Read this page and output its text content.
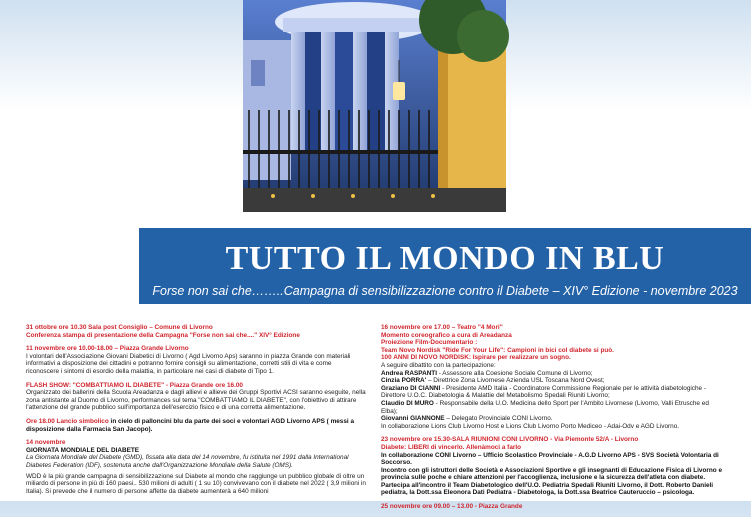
TUTTO IL MONDO IN BLU
Forse non sai che……..Campagna di sensibilizzazione contro il Diabete – XIV° Edizione - novembre 2023
31 ottobre ore 10.30 Sala post Consiglio – Comune di Livorno
Conferenza stampa di presentazione della Campagna "Forse non sai che...." XIV° Edizione
11 novembre ore 10.00-18.00 – Piazza Grande Livorno

I volontari dell'Associazione Giovani Diabetici di Livorno ( Agd Livorno Aps) saranno in piazza Grande con materiali informativi a disposizione dei cittadini e potranno fornire consigli su alimentazione, corretti stili di vita e come riconoscere i sintomi di esordio della malattia, in particolare nei casi di diabete di Tipo 1.

FLASH SHOW: "COMBATTIAMO IL DIABETE" - Piazza Grande ore 16.00

Organizzato dei ballerini della Scuola Areadanza e dagli allievi e allieve dei Gruppi Sportivi ACSI saranno eseguite, nella zona antistante al Duomo di Livorno, performances sul tema "COMBATTIAMO IL DIABETE", con l'obiettivo di attirare l'attenzione del grande pubblico sull'importanza dell'esercizio fisico e di una corretta alimentazione.

Ore 18.00 Lancio simbolico in cielo di palloncini blu da parte dei soci e volontari AGD Livorno APS ( messi a disposizione dalla Farmacia San Jacopo).
14 novembre
GIORNATA MONDIALE DEL DIABETE

La Giornata Mondiale del Diabete (GMD), fissata alla data del 14 novembre, fu istituita nel 1991 dalla International Diabetes Federation (IDF), sostenuta anche dall'Organizzazione Mondiale della Salute (OMS).

WDD è la più grande campagna di sensibilizzazione sul Diabete al mondo che raggiunge un pubblico globale di oltre un miliardo di persone in più di 160 paesi.. 530 milioni di adulti ( 1 su 10) convivevano con il diabete nel 2022 ( 3,9 milioni in Italia). Si prevede che il numero di persone affette da diabete aumenterà a 640 milioni

16 novembre ore 17.00 – Teatro "4 Mori"
Momento coreografico a cura di Areadanza
Proiezione Film-Documentario :
Team Novo Nordisk "Ride For Your Life": Campioni in bici col diabete si può.
100 ANNI DI NOVO NORDISK: Ispirare per realizzare un sogno.
A seguire dibattito con la partecipazione:
Andrea RASPANTI - Assessore alla Coesione Sociale Comune di Livorno;
Cinzia PORRA' – Direttrice Zona Livornese Azienda USL Toscana Nord Ovest;
Graziano DI CIANNI - Presidente AMD Italia - Coordinatore Commissione Regionale per le attività diabetologiche - Direttore U.O.C. Diabetologia & Malattie del Metabolismo Spedali Riuniti Livorno;
Claudio DI MURO - Responsabile della U.O. Medicina dello Sport per l'Ambito Livornese (Livorno, Valli Etrusche ed Elba);
Giovanni GIANNONE – Delegato Provinciale CONI Livorno.
In collaborazione Lions Club Livorno Host e Lions Club Livorno Porto Mediceo - Adai-Odv e AGD Livorno.
23 novembre ore 15.30-SALA RIUNIONI CONI LIVORNO - Via Piemonte 52/A - Livorno
Diabete: LIBERI di vincerlo. Allenàmoci a farlo
In collaborazione CONI Livorno – Ufficio Scolastico Provinciale - A.G.D Livorno APS - SVS Società Volontaria di Soccorso.

Incontro con gli istruttori delle Società e Associazioni Sportive e gli insegnanti di Educazione Fisica di Livorno e provincia sulle poche e chiare attenzioni per l'accoglienza, inclusione e la sicurezza dell'atleta con diabete. Partecipa all'incontro il Team Diabetologico dell'U.O. Pediatria Spedali Riuniti Livorno, il Dott. Roberto Danieli pediatra, la Dott.ssa Eleonora Dati Pediatra - Diabetologa, la Dott.ssa Beatrice Cauteruccio – psicologa.

25 novembre ore 09.00 – 13.00 - Piazza Grande
